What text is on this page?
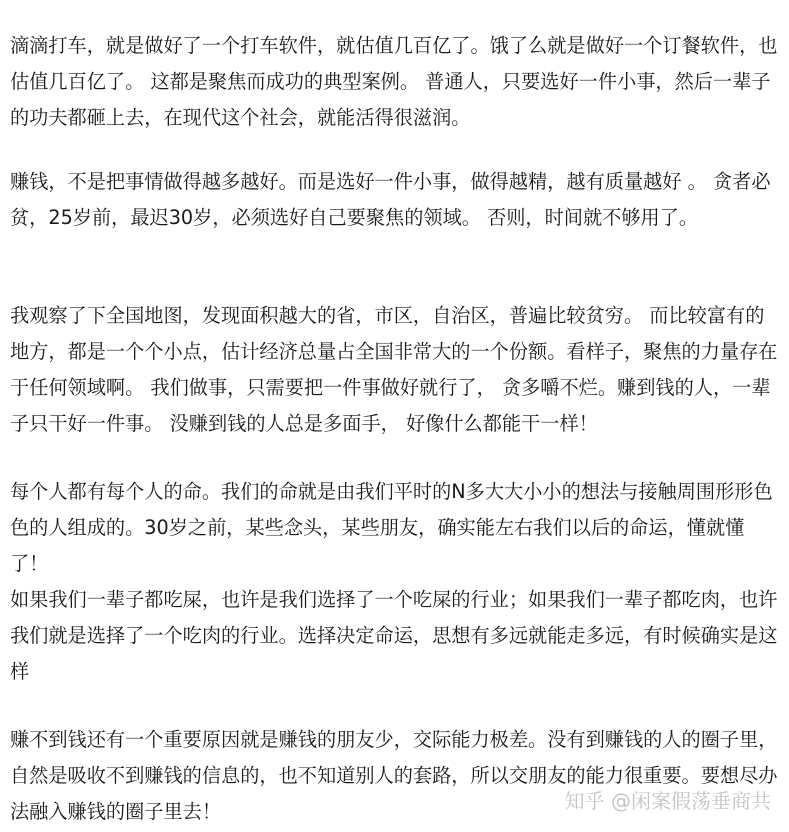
滴滴打车，就是做好了一个打车软件，就估值几百亿了。饿了么就是做好一个订餐软件，也估值几百亿了。 这都是聚焦而成功的典型案例。 普通人，只要选好一件小事，然后一辈子的功夫都砸上去，在现代这个社会，就能活得很滋润。

赚钱，不是把事情做得越多越好。而是选好一件小事，做得越精，越有质量越好 。 贪者必贫，25岁前，最迟30岁，必须选好自己要聚焦的领域。 否则，时间就不够用了。

我观察了下全国地图，发现面积越大的省，市区，自治区，普遍比较贫穷。 而比较富有的地方，都是一个个小点，估计经济总量占全国非常大的一个份额。看样子，聚焦的力量存在于任何领域啊。 我们做事，只需要把一件事做好就行了， 贪多嚼不烂。赚到钱的人，一辈子只干好一件事。 没赚到钱的人总是多面手， 好像什么都能干一样！

每个人都有每个人的命。我们的命就是由我们平时的N多大大小小的想法与接触周围形形色色的人组成的。30岁之前，某些念头，某些朋友，确实能左右我们以后的命运，懂就懂了！
如果我们一辈子都吃屎，也许是我们选择了一个吃屎的行业；如果我们一辈子都吃肉，也许我们就是选择了一个吃肉的行业。选择决定命运，思想有多远就能走多远，有时候确实是这样

赚不到钱还有一个重要原因就是赚钱的朋友少，交际能力极差。没有到赚钱的人的圈子里，自然是吸收不到赚钱的信息的，也不知道别人的套路，所以交朋友的能力很重要。要想尽办法融入赚钱的圈子里去！	知乎 @闲案假荡垂商共
